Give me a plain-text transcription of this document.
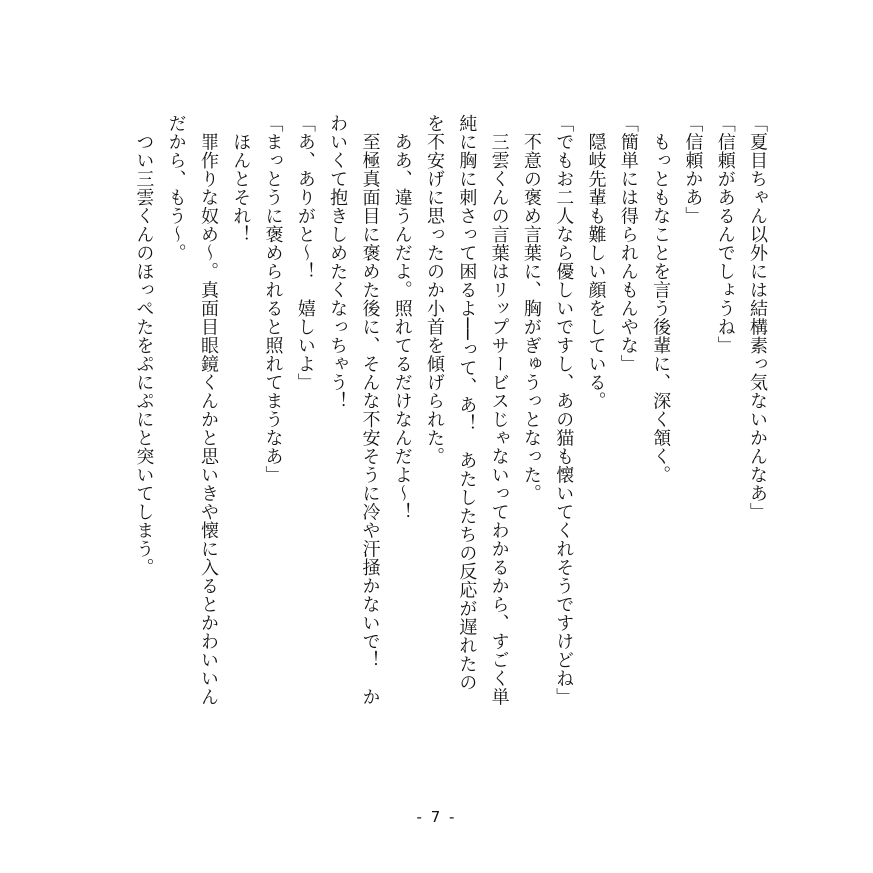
「夏目ちゃん以外には結構素っ気ないかんなあ」

「信頼があるんでしょうね」

「信頼かあ」

　もっともなことを言う後輩に、深く頷く。

「簡単には得られんもんやな」

　隠岐先輩も難しい顔をしている。

「でもお二人なら優しいですし、あの猫も懐いてくれそうですけどね」

　不意の褒め言葉に、胸がぎゅうっとなった。

　三雲くんの言葉はリップサービスじゃないってわかるから、すごく単

純に胸に刺さって困るよ──って、あ！　あたしたちの反応が遅れたの

を不安げに思ったのか小首を傾げられた。

　ああ、違うんだよ。照れてるだけなんだよ〜！

　至極真面目に褒めた後に、そんな不安そうに冷や汗掻かないで！　か

わいくて抱きしめたくなっちゃう！

「あ、ありがと〜！　嬉しいよ」

「まっとうに褒められると照れてまうなあ」

　ほんとそれ！

　罪作りな奴め〜。真面目眼鏡くんかと思いきや懐に入るとかわいいん

だから、もう〜。

　つい三雲くんのほっぺたをぷにぷにと突いてしまう。

- 7 -
